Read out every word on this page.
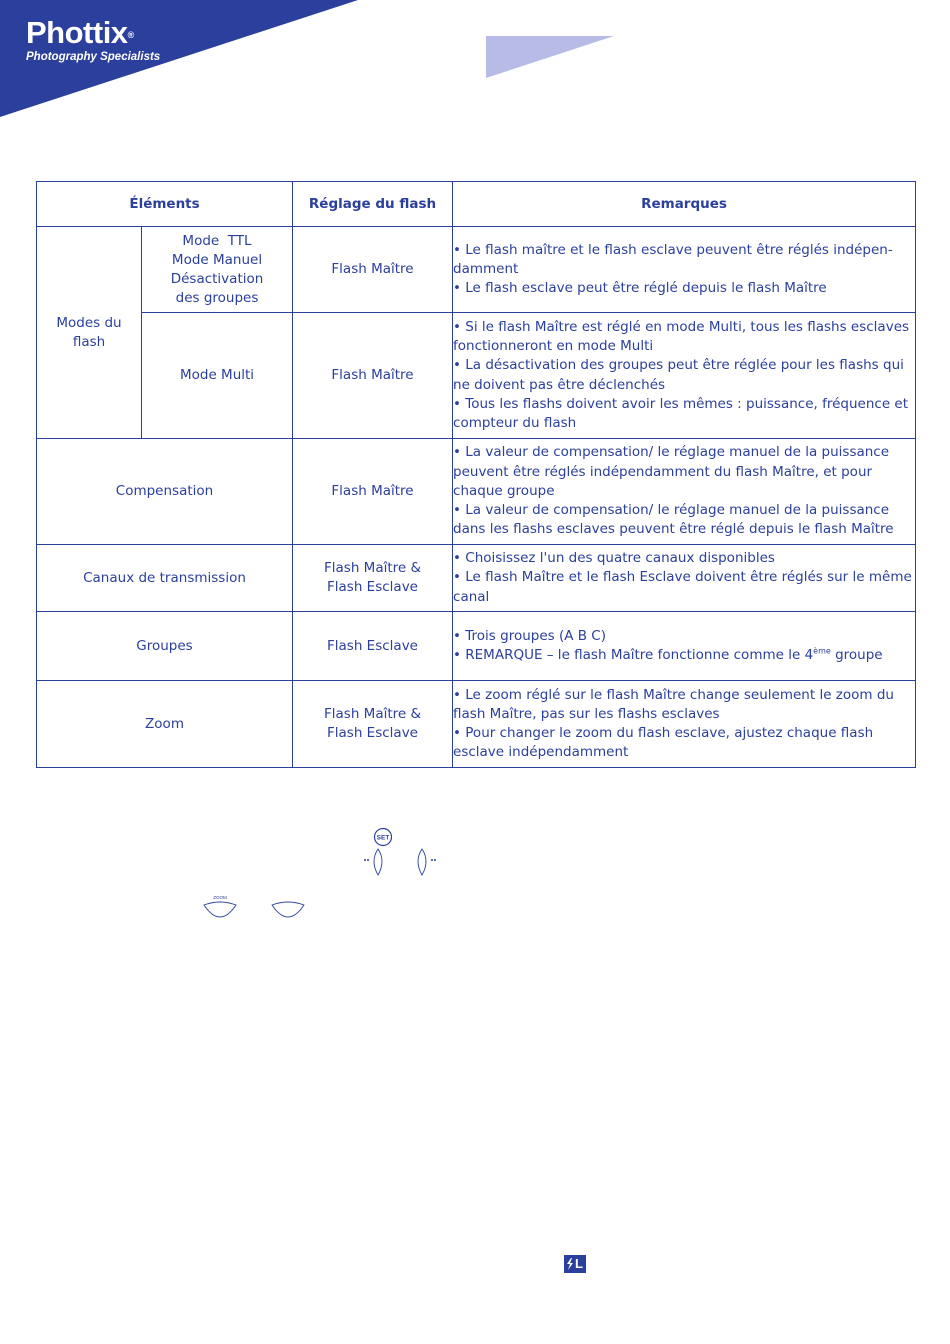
Phottix®
Photography Specialists
Éléments		Réglage du flash	Remarques

Modes du flash	Mode  TTL
Mode Manuel
Désactivation
des groupes	Flash Maître	• Le flash maître et le flash esclave peuvent être réglés indépen-damment
• Le flash esclave peut être réglé depuis le flash Maître

	Mode Multi	Flash Maître	• Si le flash Maître est réglé en mode Multi, tous les flashs esclaves fonctionneront en mode Multi
• La désactivation des groupes peut être réglée pour les flashs qui ne doivent pas être déclenchés
• Tous les flashs doivent avoir les mêmes : puissance, fréquence et compteur du flash

Compensation		Flash Maître	• La valeur de compensation/ le réglage manuel de la puissance peuvent être réglés indépendamment du flash Maître, et pour chaque groupe
• La valeur de compensation/ le réglage manuel de la puissance dans les flashs esclaves peuvent être réglé depuis le flash Maître

Canaux de transmission		Flash Maître &
Flash Esclave	• Choisissez l'un des quatre canaux disponibles
• Le flash Maître et le flash Esclave doivent être réglés sur le même canal

Groupes		Flash Esclave	• Trois groupes (A B C)
• REMARQUE – le flash Maître fonctionne comme le 4ème groupe

Zoom		Flash Maître &
Flash Esclave	• Le zoom réglé sur le flash Maître change seulement le zoom du flash Maître, pas sur les flashs esclaves
• Pour changer le zoom du flash esclave, ajustez chaque flash esclave indépendamment
SET
ZOOM
L
